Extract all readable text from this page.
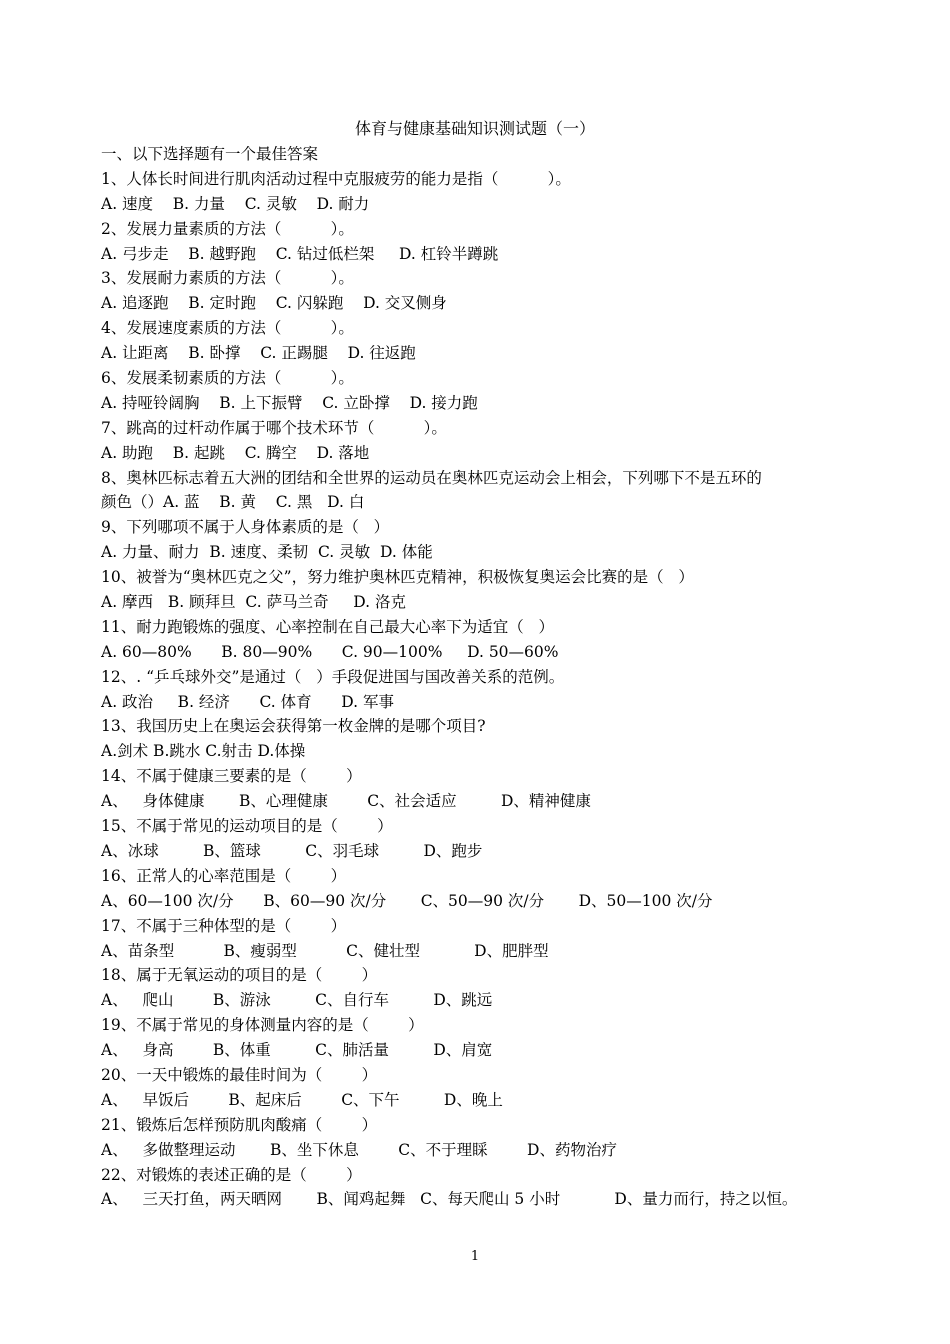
体育与健康基础知识测试题（一）
一、以下选择题有一个最佳答案
1、人体长时间进行肌肉活动过程中克服疲劳的能力是指（          ）。
A. 速度    B. 力量    C. 灵敏    D. 耐力
2、发展力量素质的方法（          ）。
A. 弓步走    B. 越野跑    C. 钻过低栏架     D. 杠铃半蹲跳
3、发展耐力素质的方法（          ）。
A. 追逐跑    B. 定时跑    C. 闪躲跑    D. 交叉侧身
4、发展速度素质的方法（          ）。
A. 让距离    B. 卧撑    C. 正踢腿    D. 往返跑
6、发展柔韧素质的方法（          ）。
A. 持哑铃阔胸    B. 上下振臂    C. 立卧撑    D. 接力跑
7、跳高的过杆动作属于哪个技术环节（          ）。
A. 助跑    B. 起跳    C. 腾空    D. 落地
8、奥林匹标志着五大洲的团结和全世界的运动员在奥林匹克运动会上相会，下列哪下不是五环的
颜色（）A. 蓝    B. 黄    C. 黑   D. 白
9、下列哪项不属于人身体素质的是（   ）
A. 力量、耐力  B. 速度、柔韧  C. 灵敏  D. 体能
10、被誉为“奥林匹克之父”，努力维护奥林匹克精神，积极恢复奥运会比赛的是（   ）
A. 摩西   B. 顾拜旦  C. 萨马兰奇     D. 洛克
11、耐力跑锻炼的强度、心率控制在自己最大心率下为适宜（   ）
A. 60—80%      B. 80—90%      C. 90—100%     D. 50—60%
12、. “乒乓球外交”是通过（   ）手段促进国与国改善关系的范例。
A. 政治     B. 经济      C. 体育      D. 军事
13、我国历史上在奥运会获得第一枚金牌的是哪个项目?
A.剑术 B.跳水 C.射击 D.体操
14、不属于健康三要素的是（        ）
A、   身体健康       B、心理健康        C、社会适应         D、精神健康
15、不属于常见的运动项目的是（        ）
A、冰球         B、篮球         C、羽毛球         D、跑步
16、正常人的心率范围是（        ）
A、60—100 次/分      B、60—90 次/分       C、50—90 次/分       D、50—100 次/分
17、不属于三种体型的是（        ）
A、苗条型          B、瘦弱型          C、健壮型           D、肥胖型
18、属于无氧运动的项目的是（        ）
A、   爬山        B、游泳         C、自行车         D、跳远
19、不属于常见的身体测量内容的是（        ）
A、   身高        B、体重         C、肺活量         D、肩宽
20、一天中锻炼的最佳时间为（        ）
A、   早饭后        B、起床后        C、下午         D、晚上
21、锻炼后怎样预防肌肉酸痛（        ）
A、   多做整理运动       B、坐下休息        C、不于理睬        D、药物治疗
22、对锻炼的表述正确的是（        ）
A、   三天打鱼，两天晒网       B、闻鸡起舞   C、每天爬山 5 小时           D、量力而行，持之以恒。
1
